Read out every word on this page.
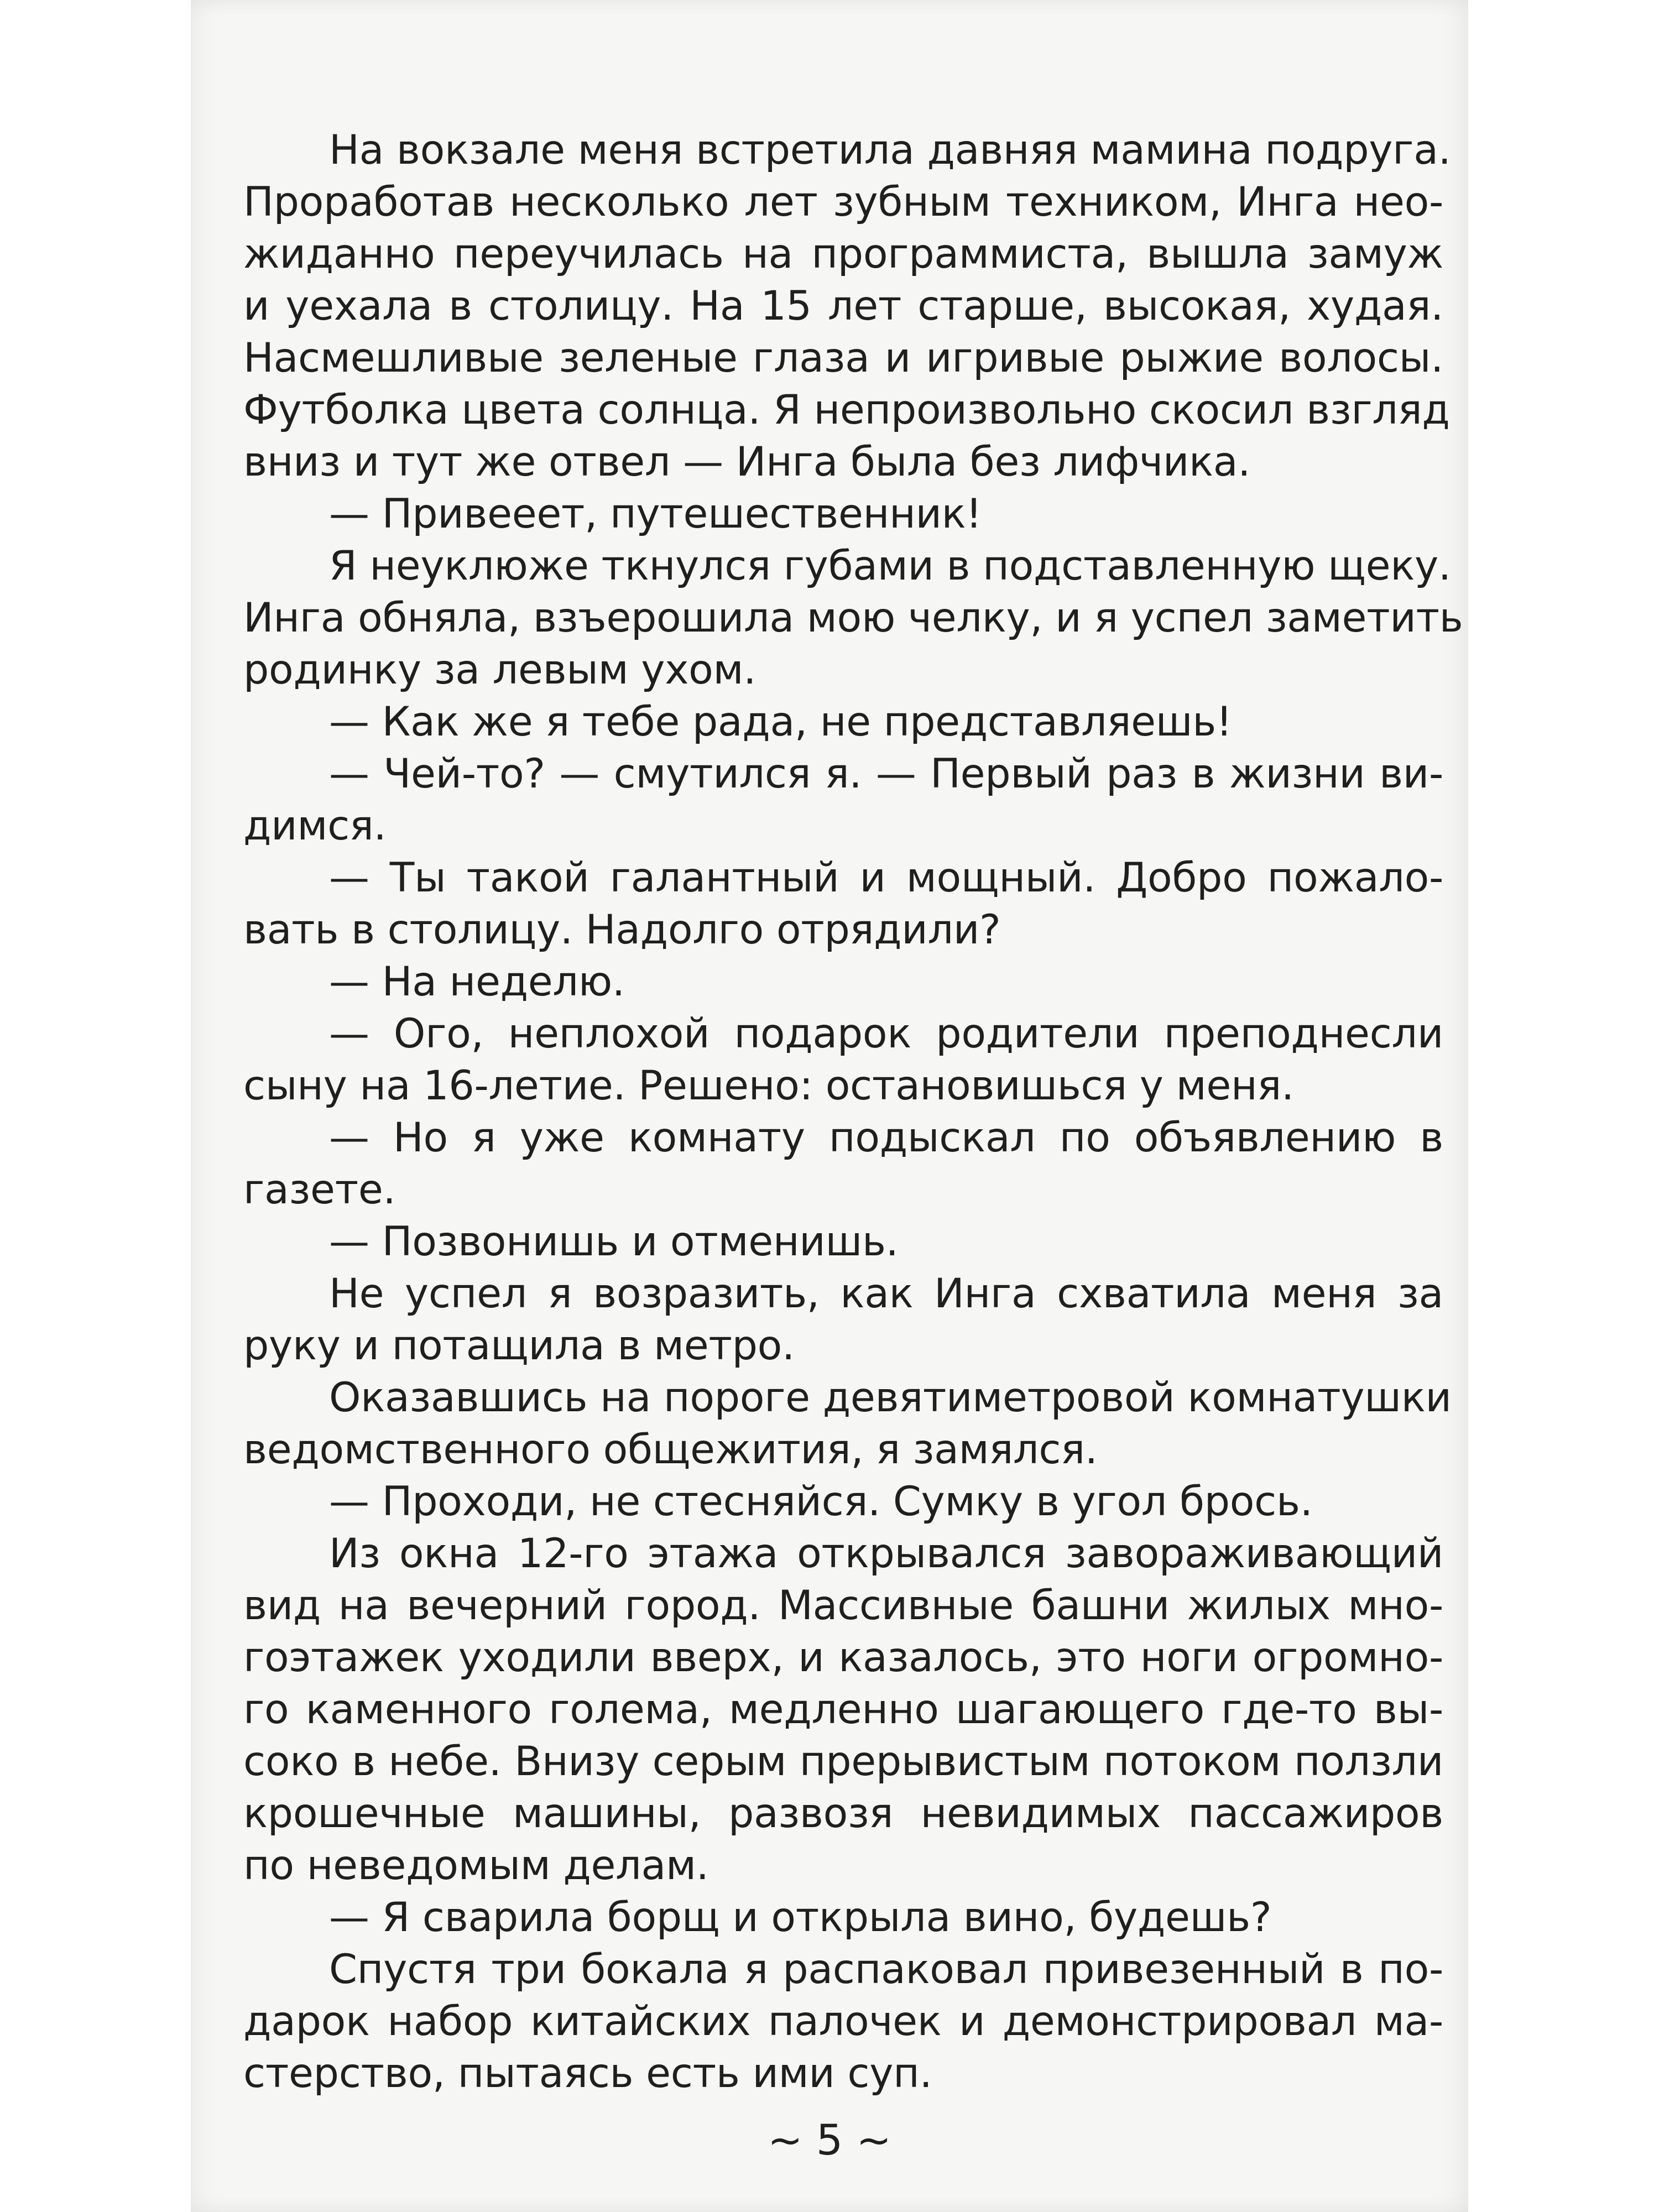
На вокзале меня встретила давняя мамина подруга.
Проработав несколько лет зубным техником, Инга нео-
жиданно переучилась на программиста, вышла замуж
и уехала в столицу. На 15 лет старше, высокая, худая.
Насмешливые зеленые глаза и игривые рыжие волосы.
Футболка цвета солнца. Я непроизвольно скосил взгляд
вниз и тут же отвел — Инга была без лифчика.
— Привееет, путешественник!
Я неуклюже ткнулся губами в подставленную щеку.
Инга обняла, взъерошила мою челку, и я успел заметить
родинку за левым ухом.
— Как же я тебе рада, не представляешь!
— Чей-то? — смутился я. — Первый раз в жизни ви-
димся.
— Ты такой галантный и мощный. Добро пожало-
вать в столицу. Надолго отрядили?
— На неделю.
— Ого, неплохой подарок родители преподнесли
сыну на 16-летие. Решено: остановишься у меня.
— Но я уже комнату подыскал по объявлению в
газете.
— Позвонишь и отменишь.
Не успел я возразить, как Инга схватила меня за
руку и потащила в метро.
Оказавшись на пороге девятиметровой комнатушки
ведомственного общежития, я замялся.
— Проходи, не стесняйся. Сумку в угол брось.
Из окна 12-го этажа открывался завораживающий
вид на вечерний город. Массивные башни жилых мно-
гоэтажек уходили вверх, и казалось, это ноги огромно-
го каменного голема, медленно шагающего где-то вы-
соко в небе. Внизу серым прерывистым потоком ползли
крошечные машины, развозя невидимых пассажиров
по неведомым делам.
— Я сварила борщ и открыла вино, будешь?
Спустя три бокала я распаковал привезенный в по-
дарок набор китайских палочек и демонстрировал ма-
стерство, пытаясь есть ими суп.
~ 5 ~
